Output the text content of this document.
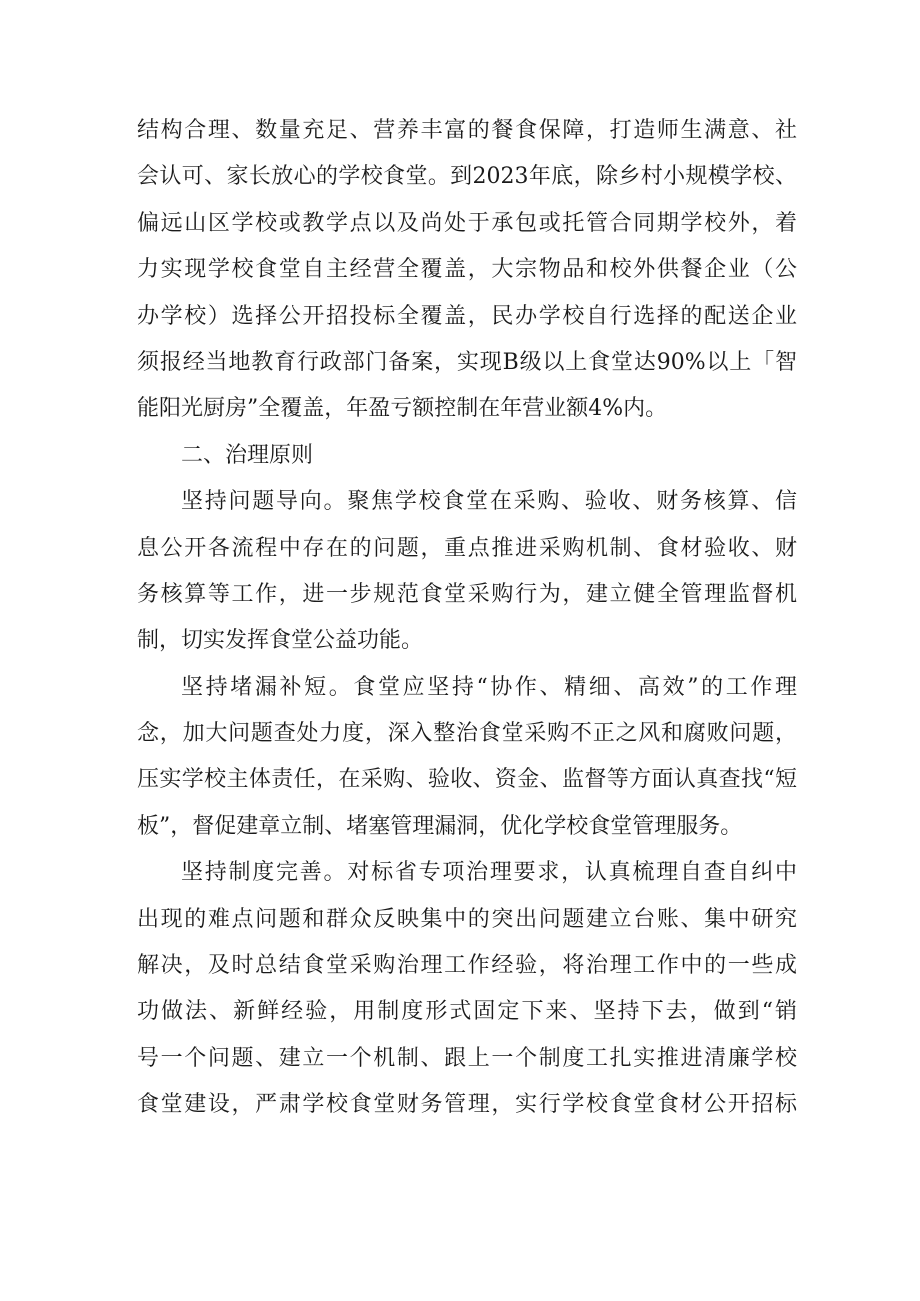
结构合理、数量充足、营养丰富的餐食保障，打造师生满意、社
会认可、家长放心的学校食堂。到2023年底，除乡村小规模学校、
偏远山区学校或教学点以及尚处于承包或托管合同期学校外，着
力实现学校食堂自主经营全覆盖，大宗物品和校外供餐企业（公
办学校）选择公开招投标全覆盖，民办学校自行选择的配送企业
须报经当地教育行政部门备案，实现B级以上食堂达90%以上「智
能阳光厨房”全覆盖，年盈亏额控制在年营业额4%内。
二、治理原则
坚持问题导向。聚焦学校食堂在采购、验收、财务核算、信
息公开各流程中存在的问题，重点推进采购机制、食材验收、财
务核算等工作，进一步规范食堂采购行为，建立健全管理监督机
制，切实发挥食堂公益功能。
坚持堵漏补短。食堂应坚持“协作、精细、高效”的工作理
念，加大问题查处力度，深入整治食堂采购不正之风和腐败问题，
压实学校主体责任，在采购、验收、资金、监督等方面认真查找“短
板”，督促建章立制、堵塞管理漏洞，优化学校食堂管理服务。
坚持制度完善。对标省专项治理要求，认真梳理自查自纠中
出现的难点问题和群众反映集中的突出问题建立台账、集中研究
解决，及时总结食堂采购治理工作经验，将治理工作中的一些成
功做法、新鲜经验，用制度形式固定下来、坚持下去，做到“销
号一个问题、建立一个机制、跟上一个制度工扎实推进清廉学校
食堂建设，严肃学校食堂财务管理，实行学校食堂食材公开招标
